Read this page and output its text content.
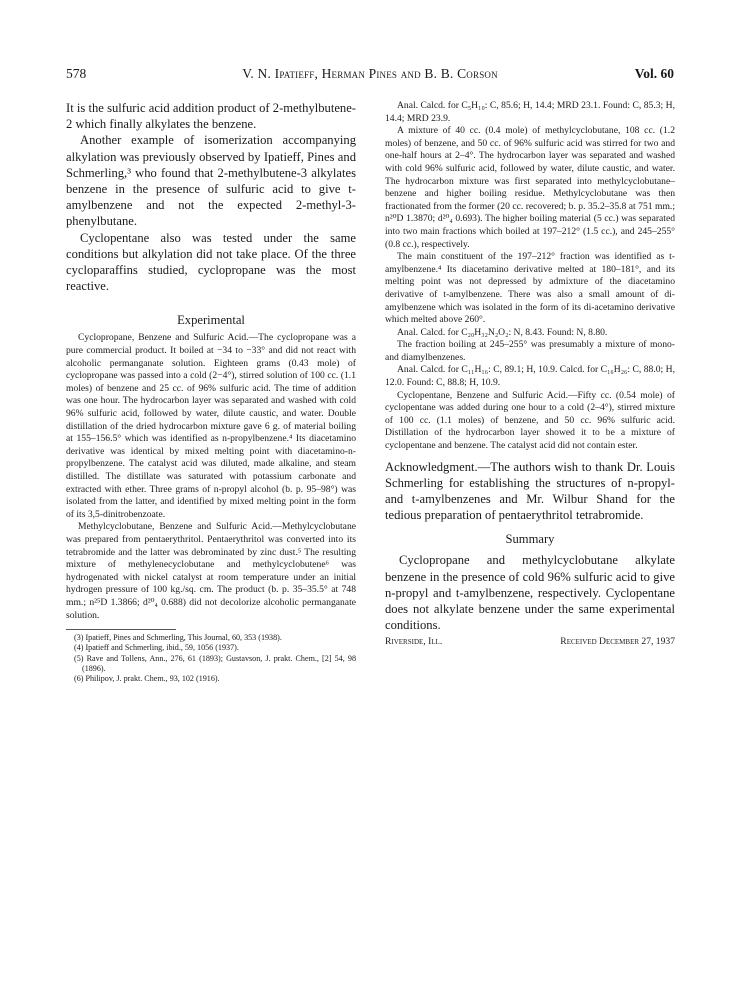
578	V. N. Ipatieff, Herman Pines and B. B. Corson	Vol. 60

It is the sulfuric acid addition product of 2-methylbutene-2 which finally alkylates the benzene.

Another example of isomerization accompanying alkylation was previously observed by Ipatieff, Pines and Schmerling,³ who found that 2-methylbutene-3 alkylates benzene in the presence of sulfuric acid to give t-amylbenzene and not the expected 2-methyl-3-phenylbutane.

Cyclopentane also was tested under the same conditions but alkylation did not take place. Of the three cycloparaffins studied, cyclopropane was the most reactive.

Experimental

Cyclopropane, Benzene and Sulfuric Acid.—The cyclopropane was a pure commercial product. It boiled at −34 to −33° and did not react with alcoholic permanganate solution. Eighteen grams (0.43 mole) of cyclopropane was passed into a cold (2−4°), stirred solution of 100 cc. (1.1 moles) of benzene and 25 cc. of 96% sulfuric acid. The time of addition was one hour. The hydrocarbon layer was separated and washed with cold 96% sulfuric acid, followed by water, dilute caustic, and water. Double distillation of the dried hydrocarbon mixture gave 6 g. of material boiling at 155–156.5° which was identified as n-propylbenzene.⁴ Its diacetamino derivative was identical by mixed melting point with diacetamino-n-propylbenzene. The catalyst acid was diluted, made alkaline, and steam distilled. The distillate was saturated with potassium carbonate and extracted with ether. Three grams of n-propyl alcohol (b. p. 95–98°) was isolated from the latter, and identified by mixed melting point in the form of its 3,5-dinitrobenzoate.

Methylcyclobutane, Benzene and Sulfuric Acid.—Methylcyclobutane was prepared from pentaerythritol. Pentaerythritol was converted into its tetrabromide and the latter was debrominated by zinc dust.⁵ The resulting mixture of methylenecyclobutane and methylcyclobutene⁶ was hydrogenated with nickel catalyst at room temperature under an initial hydrogen pressure of 100 kg./sq. cm. The product (b. p. 35–35.5° at 748 mm.; n²⁵D 1.3866; d²⁰₄ 0.688) did not decolorize alcoholic permanganate solution.

(3) Ipatieff, Pines and Schmerling, This Journal, 60, 353 (1938).

(4) Ipatieff and Schmerling, ibid., 59, 1056 (1937).

(5) Rave and Tollens, Ann., 276, 61 (1893); Gustavson, J. prakt. Chem., [2] 54, 98 (1896).

(6) Philipov, J. prakt. Chem., 93, 102 (1916).

Anal. Calcd. for C₅H₁₀: C, 85.6; H, 14.4; MRD 23.1. Found: C, 85.3; H, 14.4; MRD 23.9.

A mixture of 40 cc. (0.4 mole) of methylcyclobutane, 108 cc. (1.2 moles) of benzene, and 50 cc. of 96% sulfuric acid was stirred for two and one-half hours at 2–4°. The hydrocarbon layer was separated and washed with cold 96% sulfuric acid, followed by water, dilute caustic, and water. The hydrocarbon mixture was first separated into methylcyclobutane–benzene and higher boiling residue. Methylcyclobutane was then fractionated from the former (20 cc. recovered; b. p. 35.2–35.8 at 751 mm.; n²⁰D 1.3870; d²⁰₄ 0.693). The higher boiling material (5 cc.) was separated into two main fractions which boiled at 197–212° (1.5 cc.), and 245–255° (0.8 cc.), respectively.

The main constituent of the 197–212° fraction was identified as t-amylbenzene.⁴ Its diacetamino derivative melted at 180–181°, and its melting point was not depressed by admixture of the diacetamino derivative of t-amylbenzene. There was also a small amount of di-amylbenzene which was isolated in the form of its di-acetamino derivative which melted above 260°.

Anal. Calcd. for C₂₀H₃₂N₂O₂: N, 8.43. Found: N, 8.80.

The fraction boiling at 245–255° was presumably a mixture of mono- and diamylbenzenes.

Anal. Calcd. for C₁₁H₁₆: C, 89.1; H, 10.9. Calcd. for C₁₆H₂₆: C, 88.0; H, 12.0. Found: C, 88.8; H, 10.9.

Cyclopentane, Benzene and Sulfuric Acid.—Fifty cc. (0.54 mole) of cyclopentane was added during one hour to a cold (2–4°), stirred mixture of 100 cc. (1.1 moles) of benzene, and 50 cc. 96% sulfuric acid. Distillation of the hydrocarbon layer showed it to be a mixture of cyclopentane and benzene. The catalyst acid did not contain ester.

Acknowledgment.—The authors wish to thank Dr. Louis Schmerling for establishing the structures of n-propyl- and t-amylbenzenes and Mr. Wilbur Shand for the tedious preparation of pentaerythritol tetrabromide.

Summary

Cyclopropane and methylcyclobutane alkylate benzene in the presence of cold 96% sulfuric acid to give n-propyl and t-amylbenzene, respectively. Cyclopentane does not alkylate benzene under the same experimental conditions.

Riverside, Ill.	Received December 27, 1937
